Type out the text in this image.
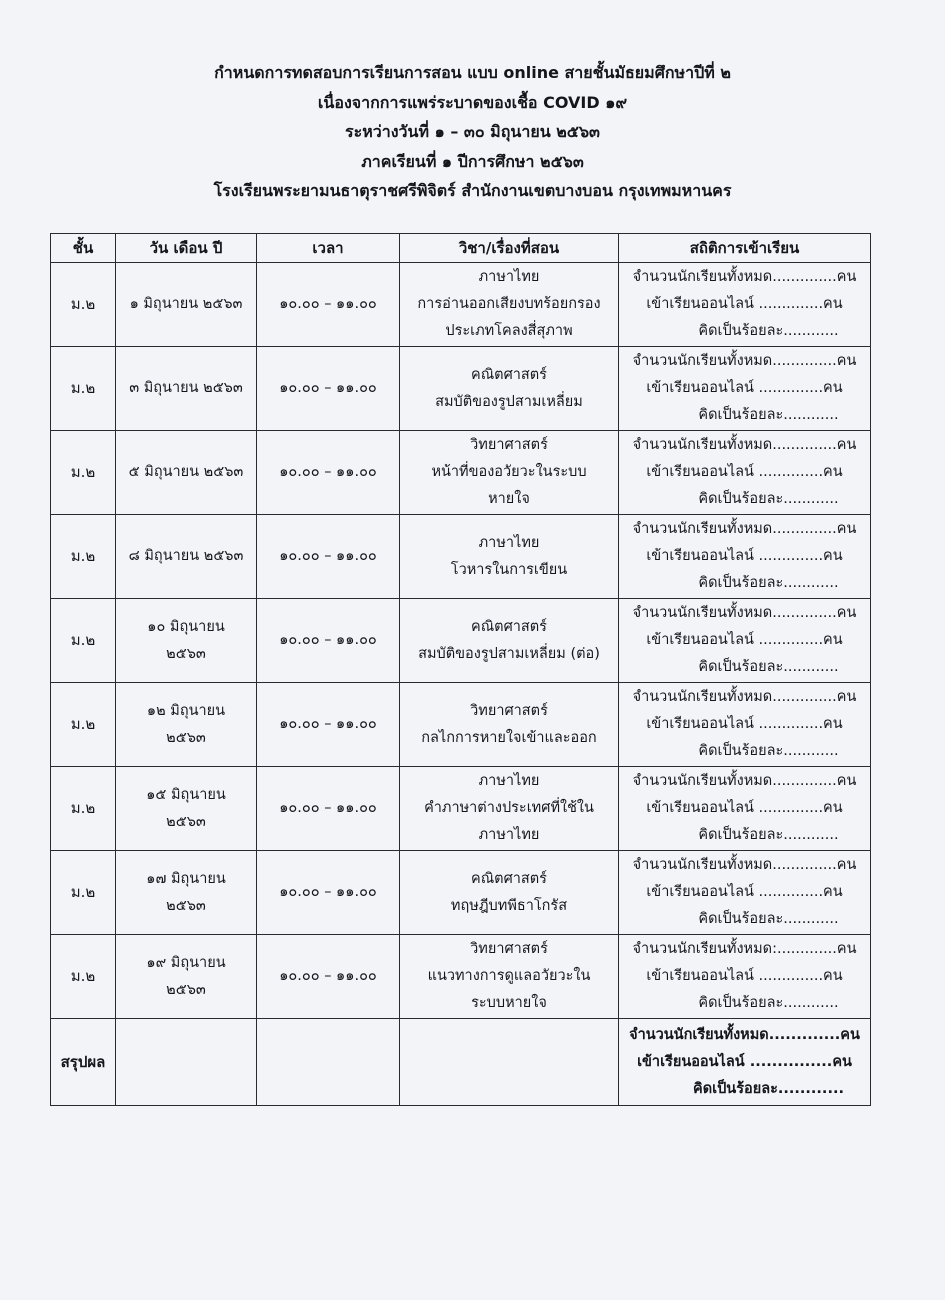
กำหนดการทดสอบการเรียนการสอน แบบ online สายชั้นมัธยมศึกษาปีที่ ๒
เนื่องจากการแพร่ระบาดของเชื้อ COVID ๑๙
ระหว่างวันที่ ๑ – ๓๐ มิถุนายน ๒๕๖๓
ภาคเรียนที่ ๑ ปีการศึกษา ๒๕๖๓
โรงเรียนพระยามนธาตุราชศรีพิจิตร์ สำนักงานเขตบางบอน กรุงเทพมหานคร
ชั้น	วัน เดือน ปี	เวลา	วิชา/เรื่องที่สอน	สถิติการเข้าเรียน
ม.๒	๑ มิถุนายน ๒๕๖๓	๑๐.๐๐ – ๑๑.๐๐	ภาษาไทย
การอ่านออกเสียงบทร้อยกรอง
ประเภทโคลงสี่สุภาพ	จำนวนนักเรียนทั้งหมด..............คน
เข้าเรียนออนไลน์ ..............คน
คิดเป็นร้อยละ............

ม.๒	๓ มิถุนายน ๒๕๖๓	๑๐.๐๐ – ๑๑.๐๐	คณิตศาสตร์
สมบัติของรูปสามเหลี่ยม	จำนวนนักเรียนทั้งหมด..............คน
เข้าเรียนออนไลน์ ..............คน
คิดเป็นร้อยละ............

ม.๒	๕ มิถุนายน ๒๕๖๓	๑๐.๐๐ – ๑๑.๐๐	วิทยาศาสตร์
หน้าที่ของอวัยวะในระบบ
หายใจ	จำนวนนักเรียนทั้งหมด..............คน
เข้าเรียนออนไลน์ ..............คน
คิดเป็นร้อยละ............

ม.๒	๘ มิถุนายน ๒๕๖๓	๑๐.๐๐ – ๑๑.๐๐	ภาษาไทย
โวหารในการเขียน	จำนวนนักเรียนทั้งหมด..............คน
เข้าเรียนออนไลน์ ..............คน
คิดเป็นร้อยละ............

ม.๒	๑๐ มิถุนายน ๒๕๖๓	๑๐.๐๐ – ๑๑.๐๐	คณิตศาสตร์
สมบัติของรูปสามเหลี่ยม (ต่อ)	จำนวนนักเรียนทั้งหมด..............คน
เข้าเรียนออนไลน์ ..............คน
คิดเป็นร้อยละ............

ม.๒	๑๒ มิถุนายน ๒๕๖๓	๑๐.๐๐ – ๑๑.๐๐	วิทยาศาสตร์
กลไกการหายใจเข้าและออก	จำนวนนักเรียนทั้งหมด..............คน
เข้าเรียนออนไลน์ ..............คน
คิดเป็นร้อยละ............

ม.๒	๑๕ มิถุนายน ๒๕๖๓	๑๐.๐๐ – ๑๑.๐๐	ภาษาไทย
คำภาษาต่างประเทศที่ใช้ใน
ภาษาไทย	จำนวนนักเรียนทั้งหมด..............คน
เข้าเรียนออนไลน์ ..............คน
คิดเป็นร้อยละ............

ม.๒	๑๗ มิถุนายน ๒๕๖๓	๑๐.๐๐ – ๑๑.๐๐	คณิตศาสตร์
ทฤษฎีบทพีธาโกรัส	จำนวนนักเรียนทั้งหมด..............คน
เข้าเรียนออนไลน์ ..............คน
คิดเป็นร้อยละ............

ม.๒	๑๙ มิถุนายน ๒๕๖๓	๑๐.๐๐ – ๑๑.๐๐	วิทยาศาสตร์
แนวทางการดูแลอวัยวะใน
ระบบหายใจ	จำนวนนักเรียนทั้งหมด:.............คน
เข้าเรียนออนไลน์ ..............คน
คิดเป็นร้อยละ............

สรุปผล				จำนวนนักเรียนทั้งหมด.............คน
เข้าเรียนออนไลน์ ...............คน
คิดเป็นร้อยละ............
